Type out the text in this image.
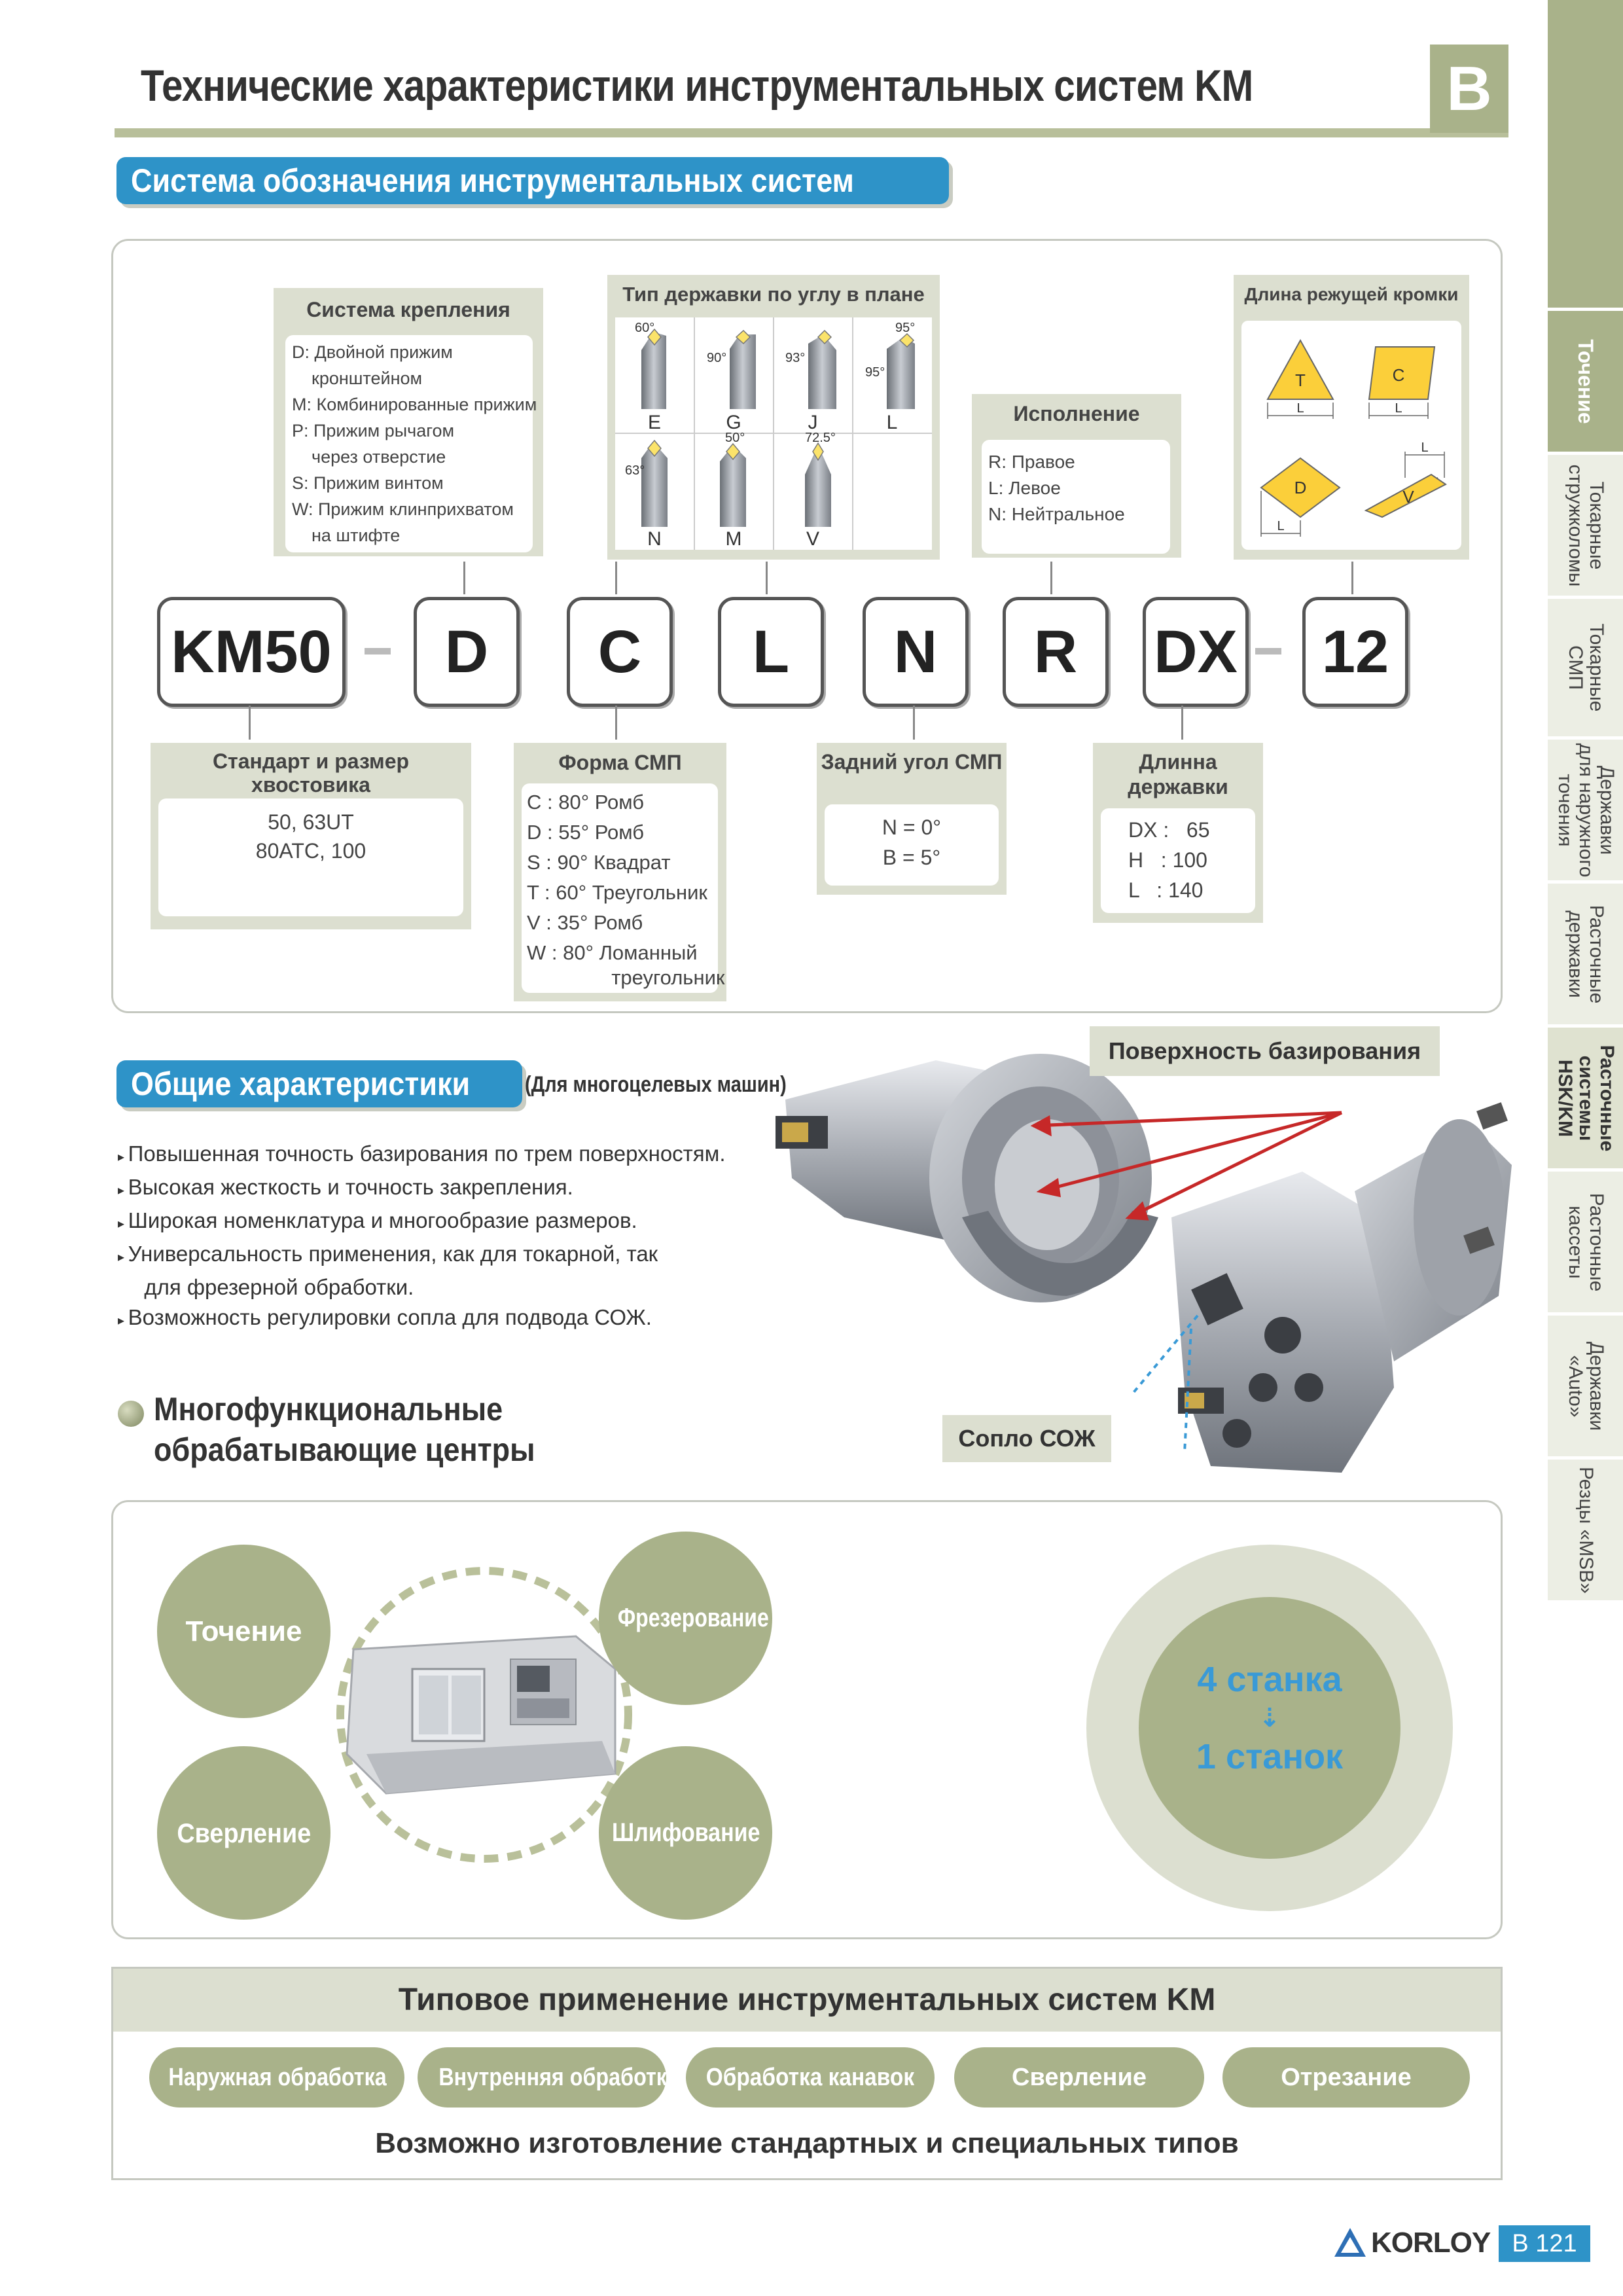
Технические характеристики инструментальных систем KM	B
Точение
Токарные
стружколомы
Токарные
СМП
Державки
для наружного
точения
Расточные
державки
Расточные
системы
HSK/KM
Расточные
кассеты
Державки
«Auto»
Резцы «MSB»
Система обозначения инструментальных систем
Система крепления
D: Двойной прижим
кронштейном
M: Комбинированные прижим
P: Прижим рычагом
через отверстие
S: Прижим винтом
W: Прижим клинприхватом
на штифте
Тип державки по углу в плане
60°
90°	93°
95°
95°
63°
50°	72.5°
E	G	J	L
N	M	V
Исполнение
R: Правое
L: Левое
N: Нейтральное
Длина режущей кромки
T	C
D	V
L	L
L
L
KM50	D	C	L	N	R	DX	12
Стандарт и размер хвостовика
50, 63UT
80ATC, 100
Форма СМП
C : 80° Ромб
D : 55° Ромб
S : 90° Квадрат
T : 60° Треугольник
V : 35° Ромб
W : 80° Ломанный
треугольник
Задний угол СМП
N = 0°
B = 5°
Длинна державки
DX :   65
H   : 100
L   : 140
Общие характеристики	(Для многоцелевых машин)
▸ Повышенная точность базирования по трем поверхностям.
▸ Высокая жесткость и точность закрепления.
▸ Широкая номенклатура и многообразие размеров.
▸ Универсальность применения, как для токарной, так
для фрезерной обработки.
▸ Возможность регулировки сопла для подвода СОЖ.
Поверхность базирования
Сопло СОЖ
Многофункциональные
обрабатывающие центры
Точение	Фрезерование
Сверление	Шлифование
4 станка
⇣
1 станок
Типовое применение инструментальных систем KM
Наружная обработка	Внутренняя обработка	Обработка канавок	Сверление	Отрезание
Возможно изготовление стандартных и специальных типов
KORLOY B 121
